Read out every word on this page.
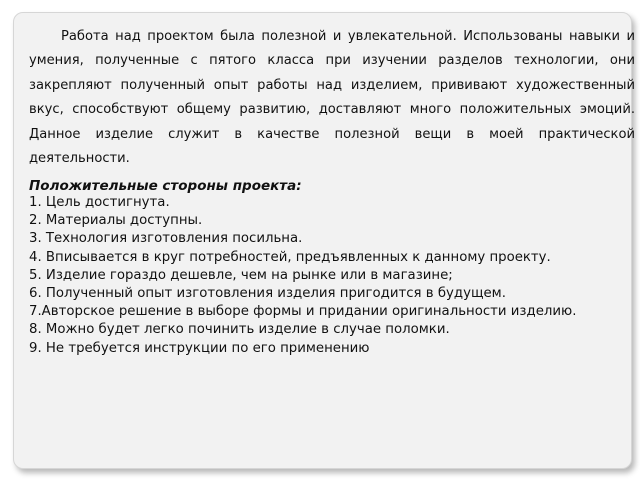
Работа над проектом была полезной и увлекательной. Использованы навыки и умения, полученные с пятого класса при изучении разделов технологии, они закрепляют полученный опыт работы над изделием, прививают художественный вкус, способствуют общему развитию, доставляют много положительных эмоций. Данное изделие служит в качестве полезной вещи в моей практической деятельности.

Положительные стороны проекта:

1. Цель достигнута.
2. Материалы доступны.
3. Технология изготовления посильна.
4. Вписывается в круг потребностей, предъявленных к данному проекту.
5. Изделие гораздо дешевле, чем на рынке или в магазине;
6. Полученный опыт изготовления изделия пригодится в будущем.
7.Авторское решение в выборе формы и придании оригинальности изделию.
8. Можно будет легко починить изделие в случае поломки.
9. Не требуется инструкции по его применению
